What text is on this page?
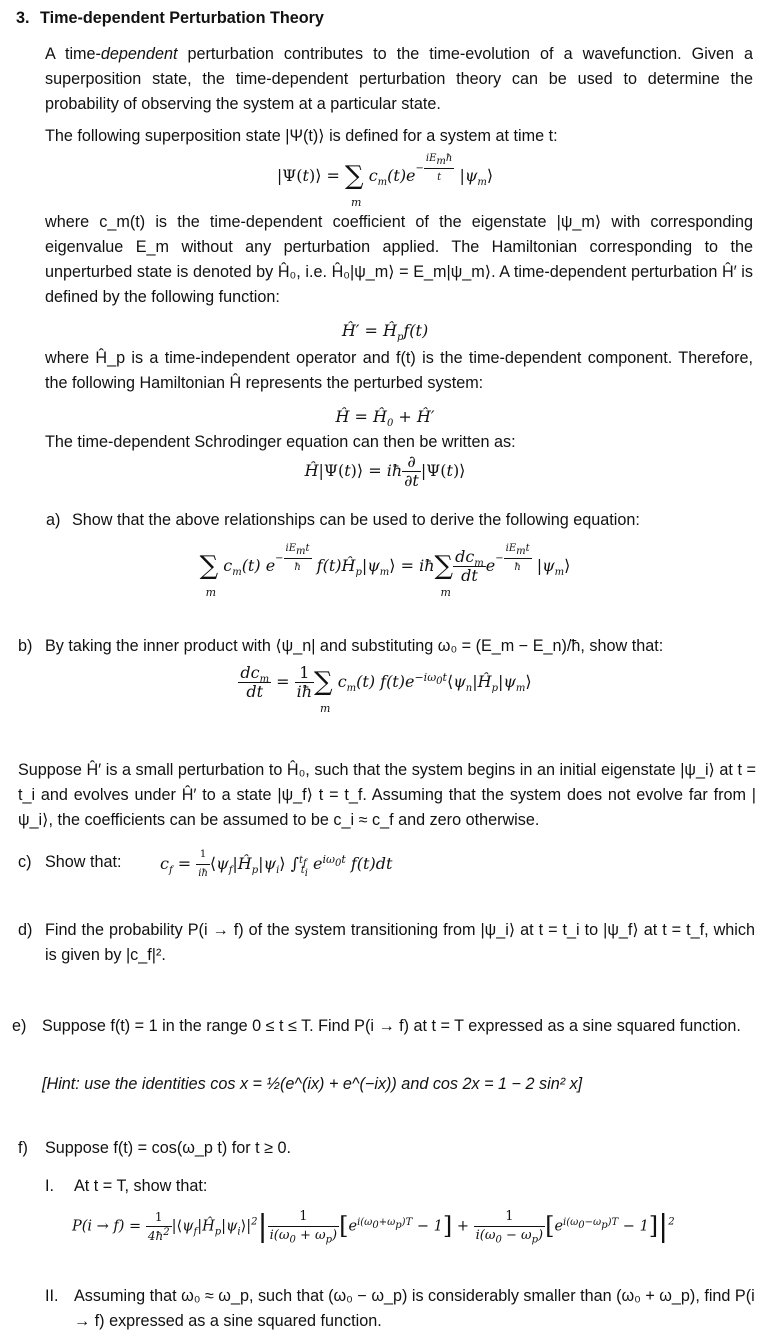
3. Time-dependent Perturbation Theory
A time-dependent perturbation contributes to the time-evolution of a wavefunction. Given a superposition state, the time-dependent perturbation theory can be used to determine the probability of observing the system at a particular state.
The following superposition state |Ψ(t)⟩ is defined for a system at time t:
|Ψ(t)⟩ = ∑
m
$c_m(t)e^{- \frac{iE_mħ}{t}}$ $|\psi_m⟩$
where c_m(t) is the time-dependent coefficient of the eigenstate |ψ_m⟩ with corresponding eigenvalue E_m without any perturbation applied. The Hamiltonian corresponding to the unperturbed state is denoted by Ĥ₀, i.e. Ĥ₀|ψ_m⟩ = E_m|ψ_m⟩. A time-dependent perturbation Ĥ′ is defined by the following function:
Ĥ′ = $Ĥ_pf(t)$
where Ĥ_p is a time-independent operator and f(t) is the time-dependent component. Therefore, the following Hamiltonian Ĥ represents the perturbed system:
Ĥ = $Ĥ_0$ + Ĥ′
The time-dependent Schrodinger equation can then be written as:
Ĥ|Ψ(t)⟩ = iħ $\frac{\partial}{\partial t}$ |Ψ(t)⟩
a) Show that the above relationships can be used to derive the following equation:
∑
m
$c_m(t)$ $e^{- \frac{iE_mt}{ħ}}$ $f(t)Ĥ_p|\psi_m⟩$ = iħ∑
m
$\frac{dc_m}{dt} e^{- \frac{iE_mt}{ħ}}$ $|\psi_m⟩$
b) By taking the inner product with ⟨ψ_n| and substituting ω₀ = (E_m − E_n)/ħ, show that:
$\frac{dc_m}{dt} = \frac{1}{iħ}$ ∑
m
$c_m(t)$ $f(t)e^{-i\omega_0t}⟨\psi_n|Ĥ_p|\psi_m⟩$
Suppose Ĥ′ is a small perturbation to Ĥ₀, such that the system begins in an initial eigenstate |ψ_i⟩ at t = t_i and evolves under Ĥ′ to a state |ψ_f⟩ t = t_f. Assuming that the system does not evolve far from |ψ_i⟩, the coefficients can be assumed to be c_i ≈ c_f and zero otherwise.
c) Show that: $c_f = \frac{1}{iħ}$ $⟨\psi_f|Ĥ_p|\psi_i⟩$ ∫$^{t_f}_{t_i}$ $e^{i\omega_0t}$ f(t)dt
d) Find the probability P(i → f) of the system transitioning from |ψ_i⟩ at t = t_i to |ψ_f⟩ at t = t_f, which is given by |c_f|².
e) Suppose f(t) = 1 in the range 0 ≤ t ≤ T. Find P(i → f) at t = T expressed as a sine squared function.
[Hint: use the identities cos x = ½(e^(ix) + e^(−ix)) and cos 2x = 1 − 2 sin² x]
f) Suppose f(t) = cos(ω_p t) for t ≥ 0.
I. At t = T, show that:
$P(i \to f) = \frac{1}{4ħ^2}$ $|⟨\psi_f|Ĥ_p|\psi_i⟩|^2| \frac{1}{i(\omega_0 + \omega_p)} [e^{i(\omega_0+\omega_p)T} - 1] + \frac{1}{i(\omega_0 - \omega_p)} [e^{i(\omega_0-\omega_p)T} - 1]|^2$
II. Assuming that ω₀ ≈ ω_p, such that (ω₀ − ω_p) is considerably smaller than (ω₀ + ω_p), find P(i → f) expressed as a sine squared function.
